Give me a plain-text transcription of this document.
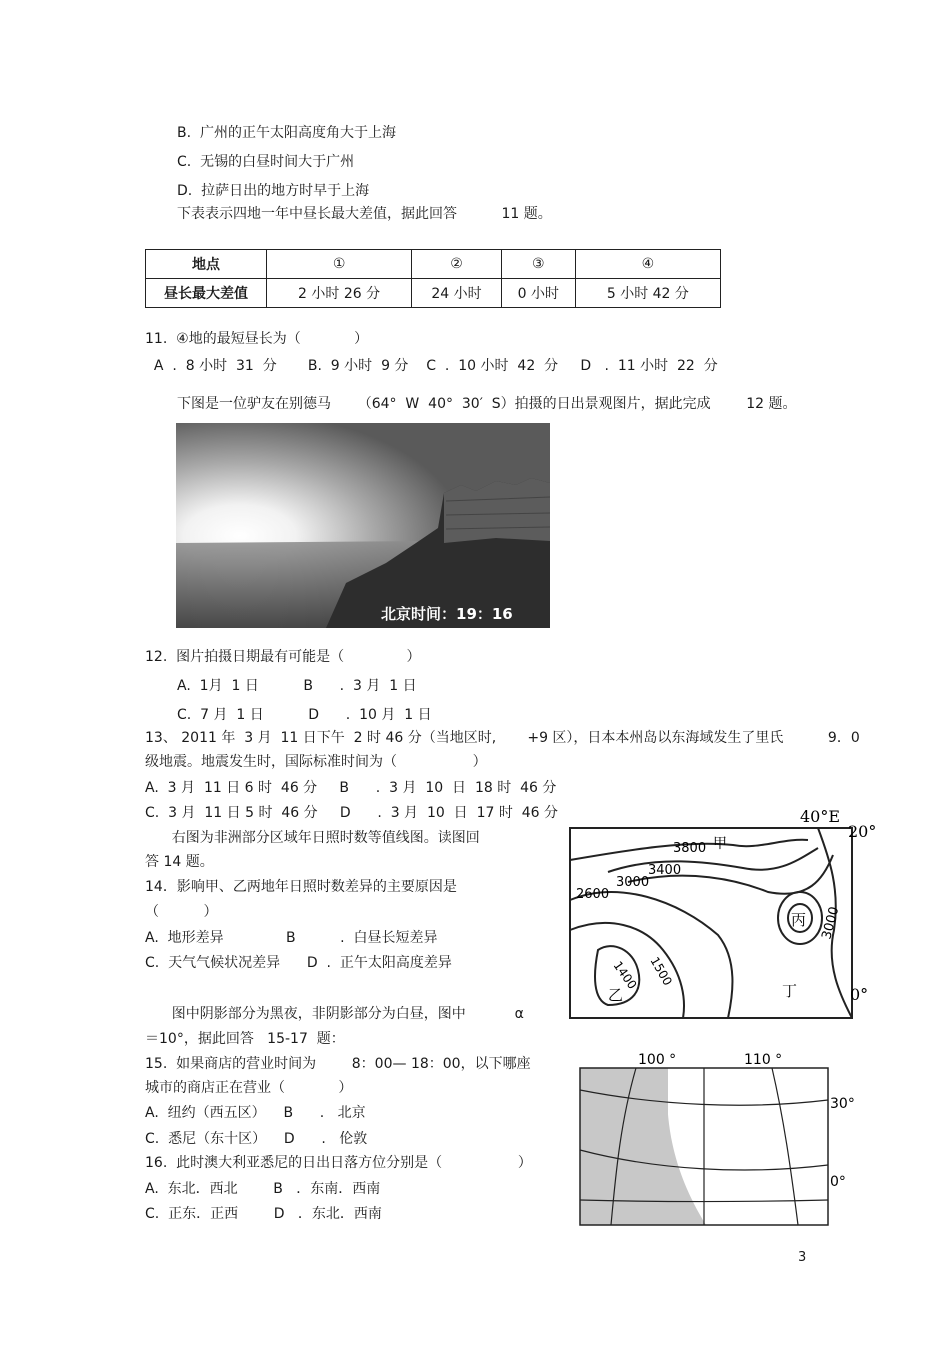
B.  广州的正午太阳高度角大于上海
C.  无锡的白昼时间大于广州
D.  拉萨日出的地方时早于上海
下表表示四地一年中昼长最大差值，据此回答          11 题。
地点	①	②	③	④
昼长最大差值	2 小时 26 分	24 小时	0 小时	5 小时 42 分
11.  ④地的最短昼长为（            ）
A  .  8 小时  31  分       B.  9 小时  9 分    C  .  10 小时  42  分     D   .  11 小时  22  分
下图是一位驴友在别德马      （64°  W  40°  30′  S）拍摄的日出景观图片，据此完成        12 题。
北京时间：19：16
12.  图片拍摄日期最有可能是（              ）
A.  1月  1 日          B      .  3 月  1 日
C.  7 月  1 日          D      .  10 月  1 日
13、 2011 年  3 月  11 日下午  2 时 46 分（当地区时,       +9 区），日本本州岛以东海域发生了里氏          9．0
级地震。地震发生时，国际标准时间为（                 ）
A.  3 月  11 日 6 时  46 分     B      .  3 月  10  日  18 时  46 分
C.  3 月  11 日 5 时  46 分     D      .  3 月  10  日  17 时  46 分
右图为非洲部分区域年日照时数等值线图。读图回
答 14 题。
14．影响甲、乙两地年日照时数差异的主要原因是
（          ）
A.  地形差异              B          .  白昼长短差异
C.  天气气候状况差异      D  .  正午太阳高度差异
40°E
20°
0°
3800 甲
3400
3000
2600
丙 3000
1400 1500
乙	丁
图中阴影部分为黑夜，非阴影部分为白昼，图中           α
＝10°，据此回答   15-17  题：
15.  如果商店的营业时间为        8：00— 18：00，以下哪座
城市的商店正在营业（            ）
A.  纽约（西五区）    B      .   北京
C.  悉尼（东十区）    D      .   伦敦
16.  此时澳大利亚悉尼的日出日落方位分别是（                 ）
A.  东北．西北        B   ．东南．西南
C.  正东．正西        D   ．东北．西南
100 °	110 °
30°
0°
3
